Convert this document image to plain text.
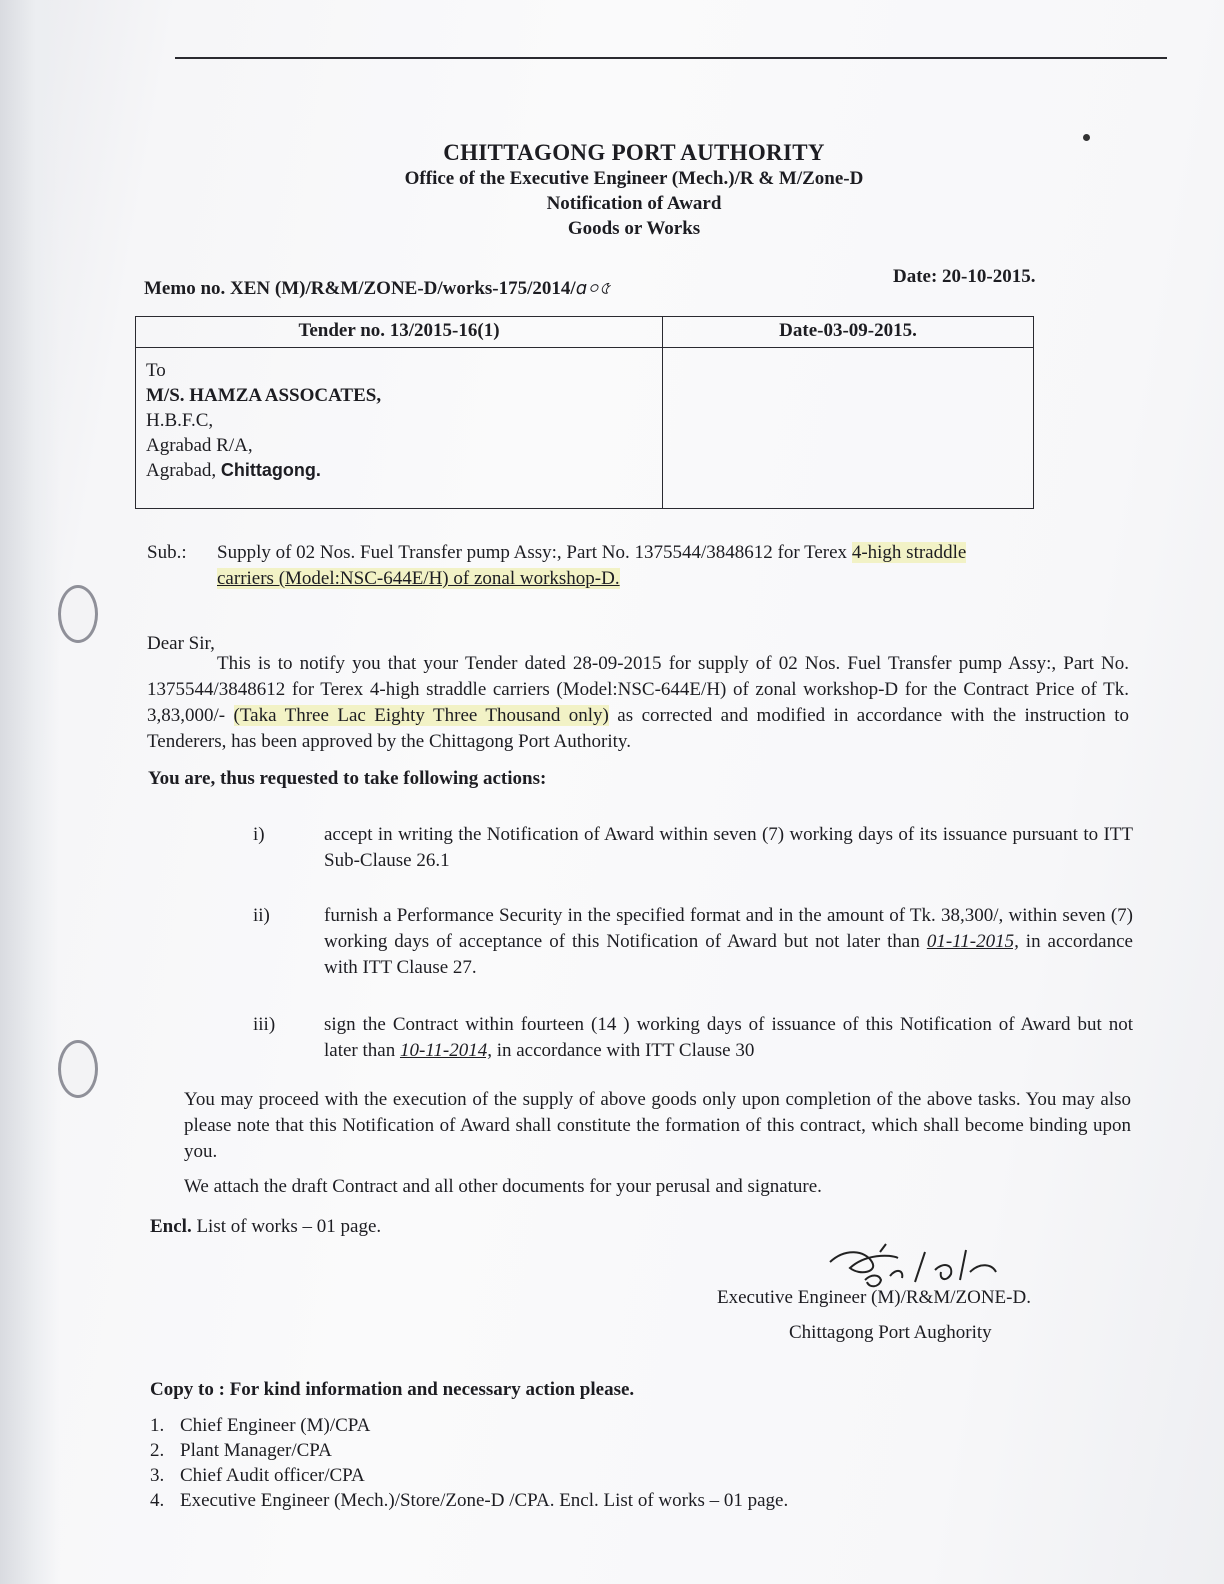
CHITTAGONG PORT AUTHORITY
Office of the Executive Engineer (Mech.)/R & M/Zone-D
Notification of Award
Goods or Works
Memo no. XEN (M)/R&M/ZONE-D/works-175/2014/ɑ০৫
Date: 20-10-2015.
Tender no. 13/2015-16(1)	Date-03-09-2015.

To
M/S. HAMZA ASSOCATES,
H.B.F.C,
Agrabad R/A,
Agrabad, Chittagong.	

Sub.: Supply of 02 Nos. Fuel Transfer pump Assy:, Part No. 1375544/3848612 for Terex 4-high straddle
carriers (Model:NSC-644E/H) of zonal workshop-D.
Dear Sir,
This is to notify you that your Tender dated 28-09-2015 for supply of 02 Nos. Fuel Transfer pump Assy:, Part No. 1375544/3848612 for Terex 4-high straddle carriers (Model:NSC-644E/H) of zonal workshop-D for the Contract Price of Tk. 3,83,000/- (Taka Three Lac Eighty Three Thousand only) as corrected and modified in accordance with the instruction to Tenderers, has been approved by the Chittagong Port Authority.
You are, thus requested to take following actions:
i)	accept in writing the Notification of Award within seven (7) working days of its issuance pursuant to ITT Sub-Clause 26.1
ii)	furnish a Performance Security in the specified format and in the amount of Tk. 38,300/, within seven (7) working days of acceptance of this Notification of Award but not later than 01-11-2015, in accordance with ITT Clause 27.
iii)	sign the Contract within fourteen (14 ) working days of issuance of this Notification of Award but not later than 10-11-2014, in accordance with ITT Clause 30
You may proceed with the execution of the supply of above goods only upon completion of the above tasks. You may also please note that this Notification of Award shall constitute the formation of this contract, which shall become binding upon you.
We attach the draft Contract and all other documents for your perusal and signature.
Encl. List of works – 01 page.
Executive Engineer (M)/R&M/ZONE-D.
Chittagong Port Aughority
Copy to : For kind information and necessary action please.
1. Chief Engineer (M)/CPA
2. Plant Manager/CPA
3. Chief Audit officer/CPA
4. Executive Engineer (Mech.)/Store/Zone-D /CPA. Encl. List of works – 01 page.
